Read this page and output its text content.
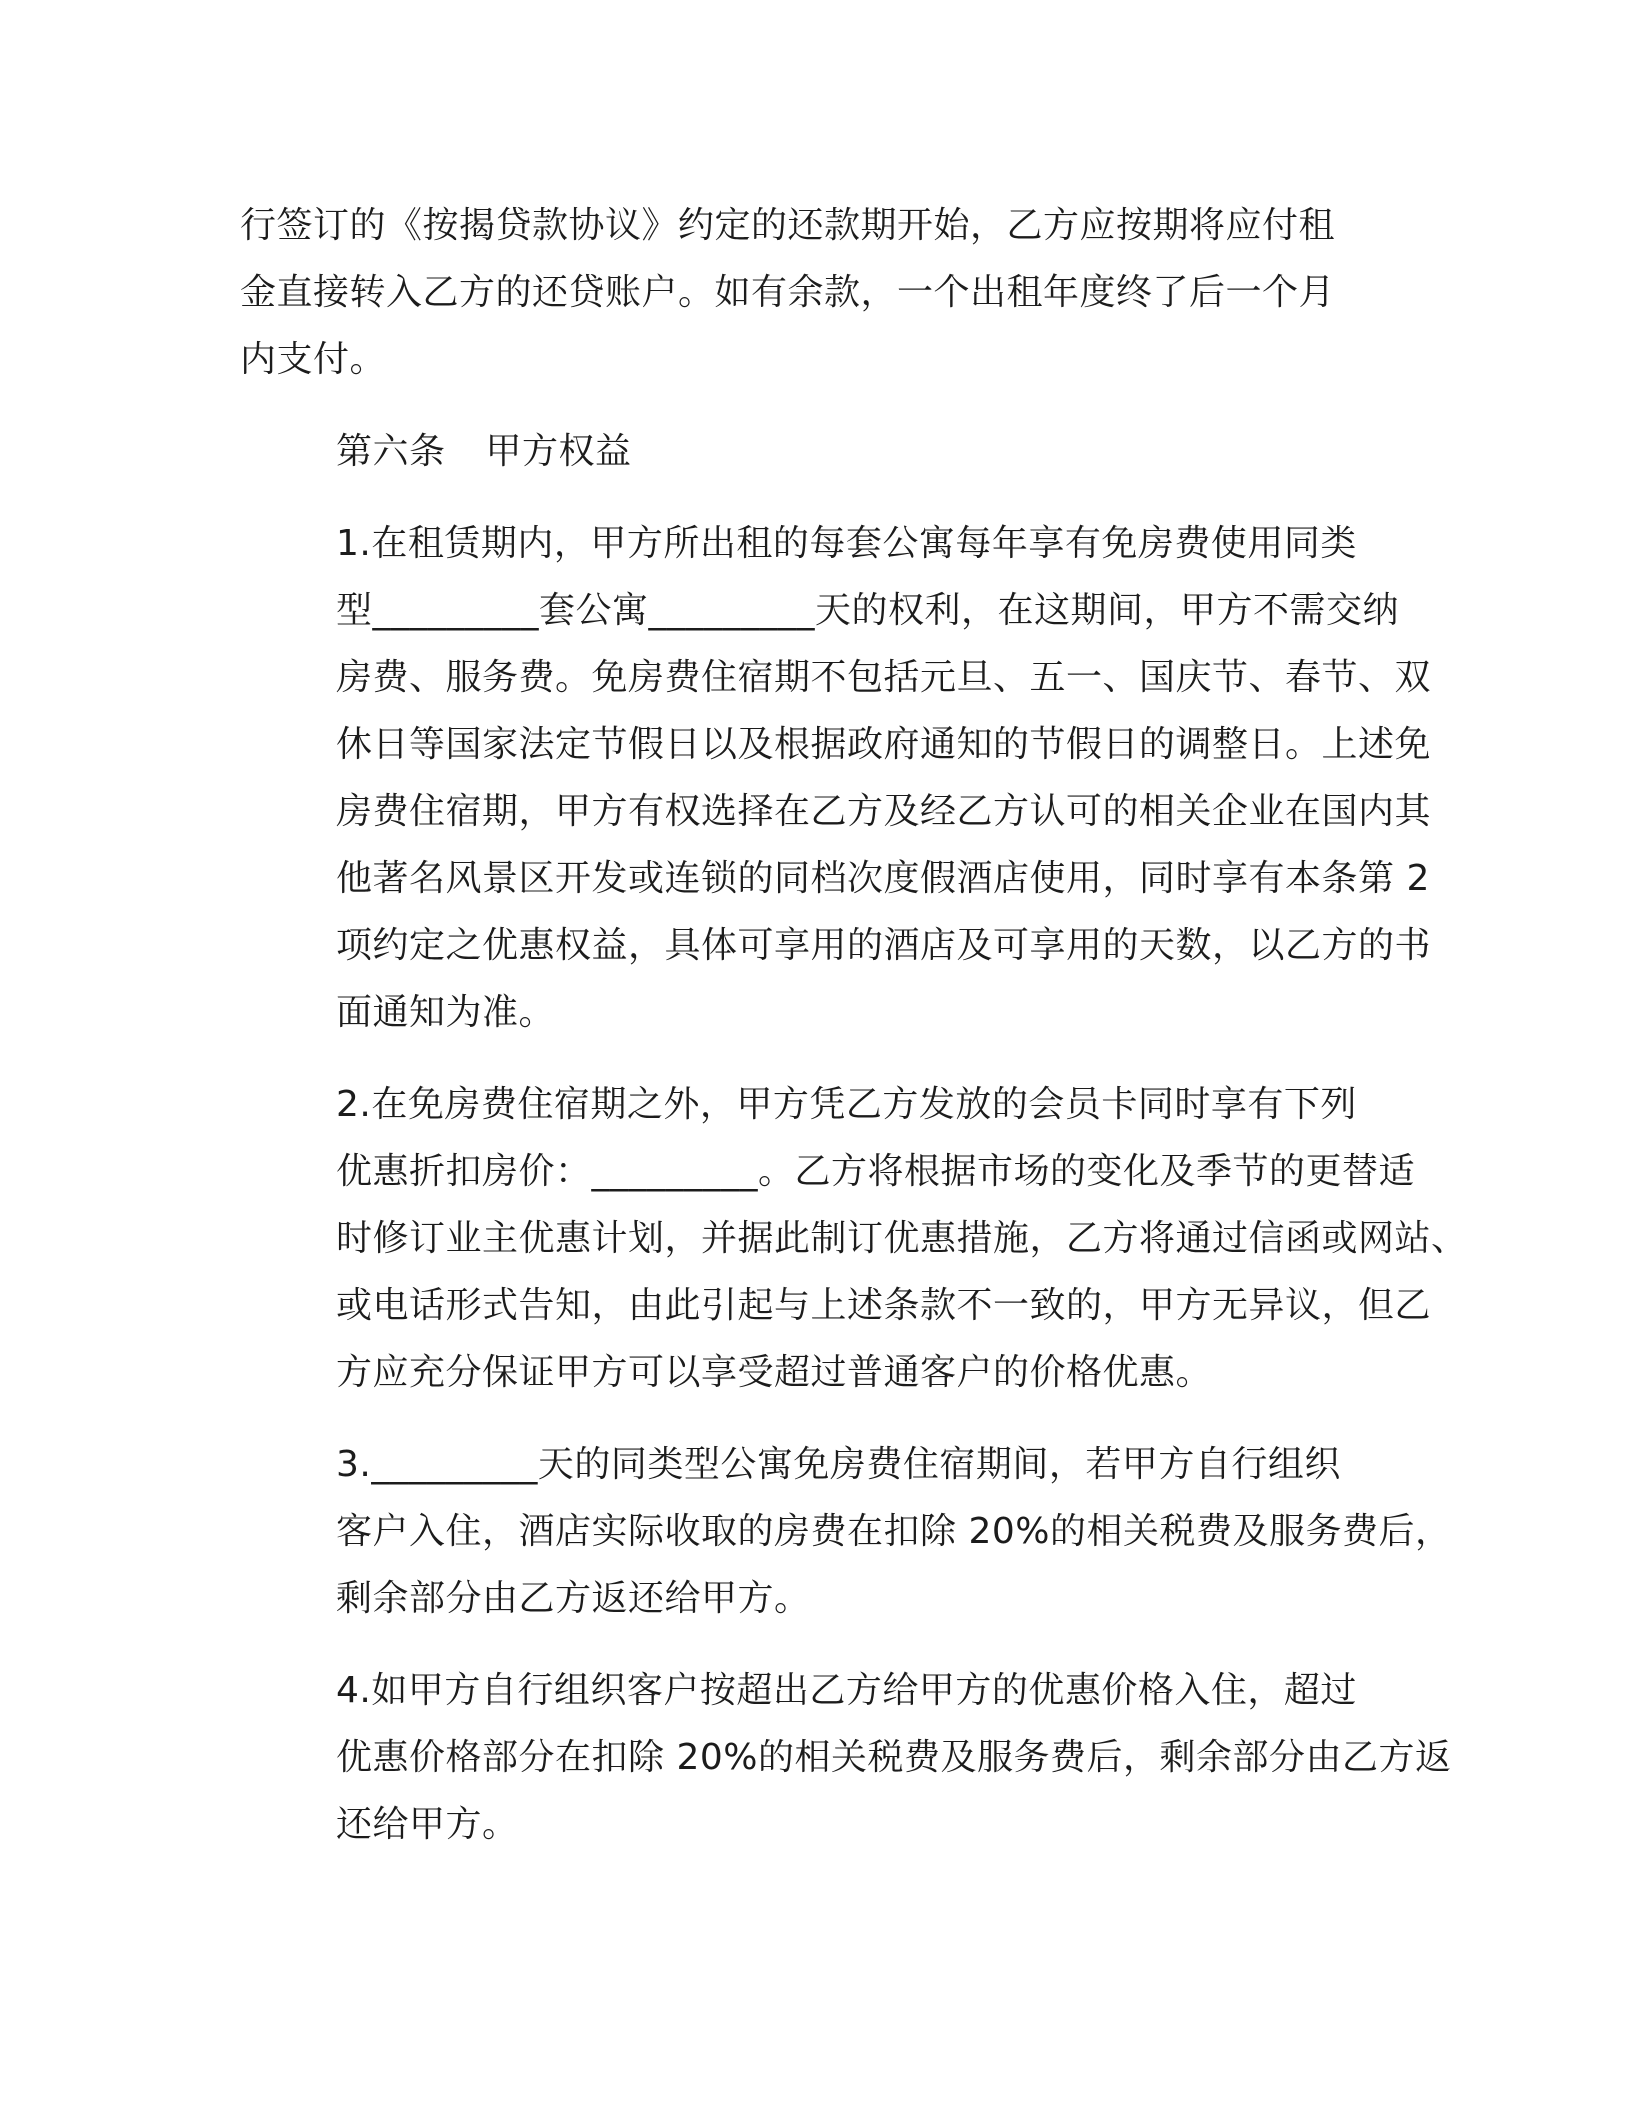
行签订的《按揭贷款协议》约定的还款期开始，乙方应按期将应付租
金直接转入乙方的还贷账户。如有余款，一个出租年度终了后一个月
内支付。

第六条 甲方权益

1.在租赁期内，甲方所出租的每套公寓每年享有免房费使用同类
型_________套公寓_________天的权利，在这期间，甲方不需交纳
房费、服务费。免房费住宿期不包括元旦、五一、国庆节、春节、双
休日等国家法定节假日以及根据政府通知的节假日的调整日。上述免
房费住宿期，甲方有权选择在乙方及经乙方认可的相关企业在国内其
他著名风景区开发或连锁的同档次度假酒店使用，同时享有本条第 2
项约定之优惠权益，具体可享用的酒店及可享用的天数，以乙方的书
面通知为准。

2.在免房费住宿期之外，甲方凭乙方发放的会员卡同时享有下列
优惠折扣房价：_________。乙方将根据市场的变化及季节的更替适
时修订业主优惠计划，并据此制订优惠措施，乙方将通过信函或网站、
或电话形式告知，由此引起与上述条款不一致的，甲方无异议，但乙
方应充分保证甲方可以享受超过普通客户的价格优惠。

3._________天的同类型公寓免房费住宿期间，若甲方自行组织
客户入住，酒店实际收取的房费在扣除 20%的相关税费及服务费后，
剩余部分由乙方返还给甲方。

4.如甲方自行组织客户按超出乙方给甲方的优惠价格入住，超过
优惠价格部分在扣除 20%的相关税费及服务费后，剩余部分由乙方返
还给甲方。
